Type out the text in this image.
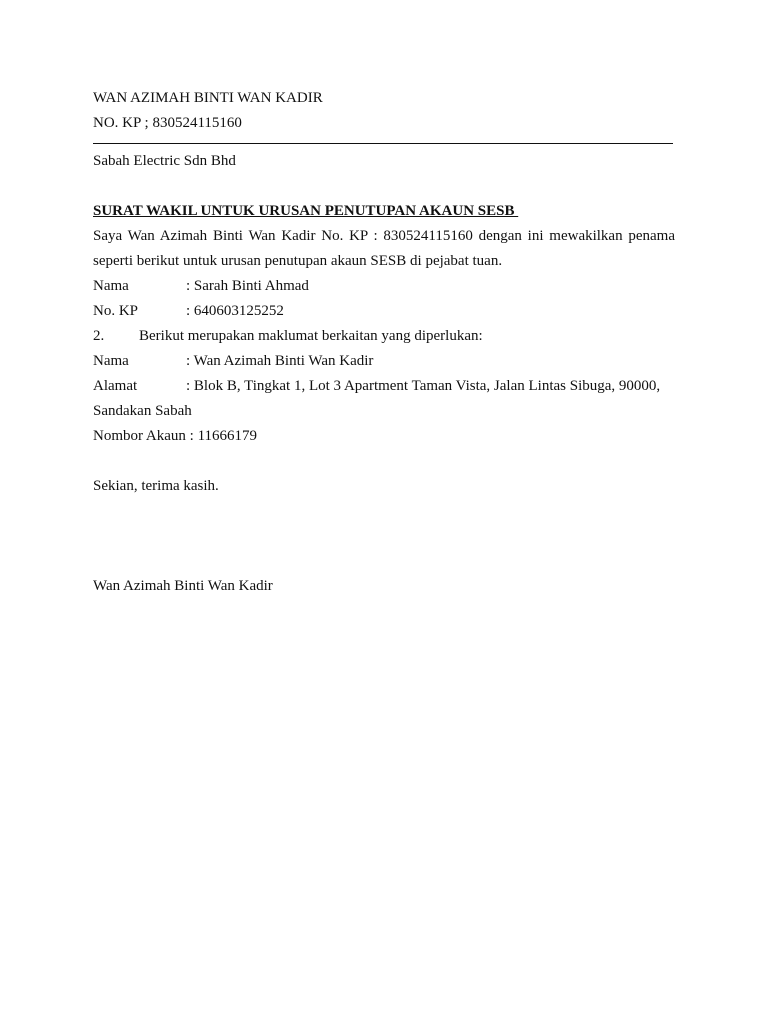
WAN AZIMAH BINTI WAN KADIR
NO. KP ; 830524115160
Sabah Electric Sdn Bhd
SURAT WAKIL UNTUK URUSAN PENUTUPAN AKAUN SESB
Saya Wan Azimah Binti Wan Kadir No. KP : 830524115160 dengan ini mewakilkan penama
seperti berikut untuk urusan penutupan akaun SESB di pejabat tuan.
Nama	: Sarah Binti Ahmad
No. KP	: 640603125252
2. Berikut merupakan maklumat berkaitan yang diperlukan:
Nama	: Wan Azimah Binti Wan Kadir
Alamat	: Blok B, Tingkat 1, Lot 3 Apartment Taman Vista, Jalan Lintas Sibuga, 90000,
Sandakan Sabah
Nombor Akaun : 11666179
Sekian, terima kasih.
Wan Azimah Binti Wan Kadir
